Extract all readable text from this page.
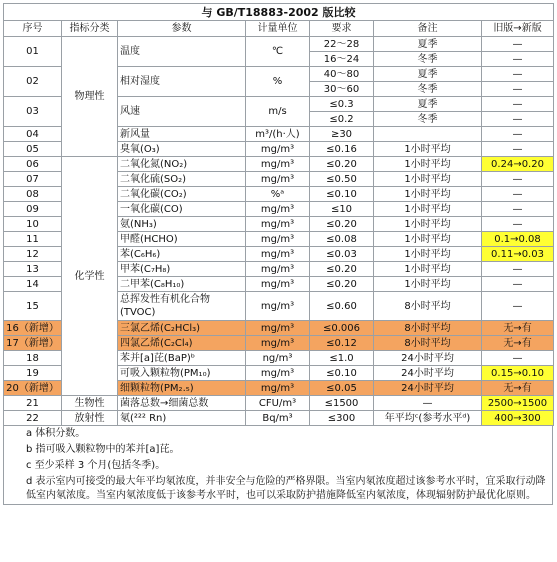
与 GB/T18883-2002 版比较						
序号	指标分类	参数	计量单位	要求	备注	旧版→新版
01	物理性	温度	℃	22～28	夏季	—
				16～24	冬季	—
02		相对湿度	%	40～80	夏季	—
				30～60	冬季	—
03		风速	m/s	≤0.3	夏季	—
				≤0.2	冬季	—
04		新风量	m³/(h·人)	≥30		—
05		臭氧(O₃)	mg/m³	≤0.16	1小时平均	—
06	化学性	二氧化氮(NO₂)	mg/m³	≤0.20	1小时平均	0.24→0.20
07		二氧化硫(SO₂)	mg/m³	≤0.50	1小时平均	—
08		二氧化碳(CO₂)	%ᵃ	≤0.10	1小时平均	—
09		一氧化碳(CO)	mg/m³	≤10	1小时平均	—
10		氨(NH₃)	mg/m³	≤0.20	1小时平均	—
11		甲醛(HCHO)	mg/m³	≤0.08	1小时平均	0.1→0.08
12		苯(C₆H₆)	mg/m³	≤0.03	1小时平均	0.11→0.03
13		甲苯(C₇H₈)	mg/m³	≤0.20	1小时平均	—
14		二甲苯(C₈H₁₀)	mg/m³	≤0.20	1小时平均	—
15		总挥发性有机化合物(TVOC)	mg/m³	≤0.60	8小时平均	—
16（新增）		三氯乙烯(C₂HCl₃)	mg/m³	≤0.006	8小时平均	无→有
17（新增）		四氯乙烯(C₂Cl₄)	mg/m³	≤0.12	8小时平均	无→有
18		苯并[a]芘(BaP)ᵇ	ng/m³	≤1.0	24小时平均	—
19		可吸入颗粒物(PM₁₀)	mg/m³	≤0.10	24小时平均	0.15→0.10
20（新增）		细颗粒物(PM₂.₅)	mg/m³	≤0.05	24小时平均	无→有
21	生物性	菌落总数→细菌总数	CFU/m³	≤1500	—	2500→1500
22	放射性	氡(²²² Rn)	Bq/m³	≤300	年平均ᶜ(参考水平ᵈ)	400→300
a 体积分数。
b 指可吸入颗粒物中的苯并[a]芘。
c 至少采样 3 个月(包括冬季)。
d 表示室内可接受的最大年平均氡浓度，并非安全与危险的严格界限。当室内氡浓度超过该参考水平时，宜采取行动降低室内氡浓度。当室内氡浓度低于该参考水平时，也可以采取防护措施降低室内氡浓度，体现辐射防护最优化原则。
